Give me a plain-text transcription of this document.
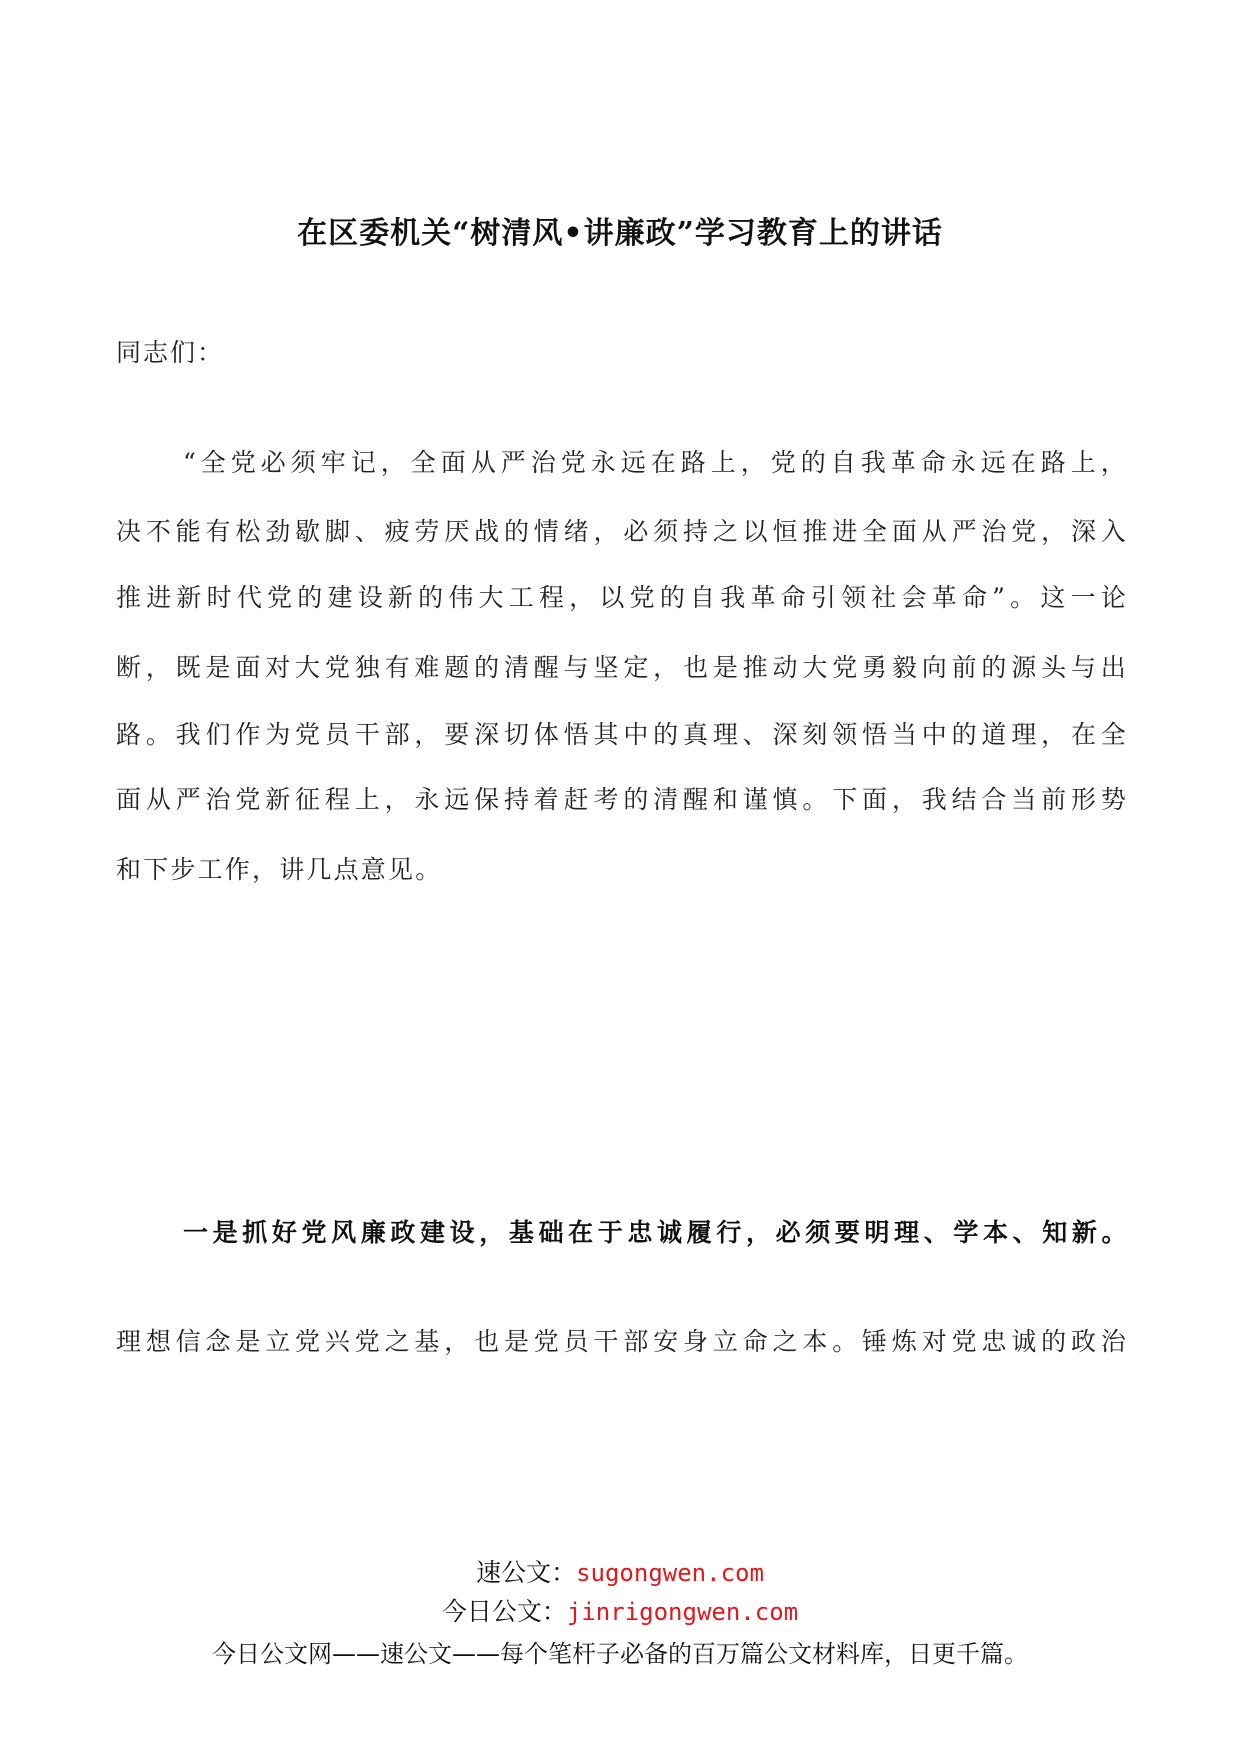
在区委机关“树清风•讲廉政”学习教育上的讲话
同志们：
“全党必须牢记，全面从严治党永远在路上，党的自我革命永远在路上，
决不能有松劲歇脚、疲劳厌战的情绪，必须持之以恒推进全面从严治党，深入
推进新时代党的建设新的伟大工程，以党的自我革命引领社会革命”。这一论
断，既是面对大党独有难题的清醒与坚定，也是推动大党勇毅向前的源头与出
路。我们作为党员干部，要深切体悟其中的真理、深刻领悟当中的道理，在全
面从严治党新征程上，永远保持着赶考的清醒和谨慎。下面，我结合当前形势
和下步工作，讲几点意见。
一是抓好党风廉政建设，基础在于忠诚履行，必须要明理、学本、知新。
理想信念是立党兴党之基，也是党员干部安身立命之本。锤炼对党忠诚的政治
速公文：sugongwen.com
今日公文：jinrigongwen.com
今日公文网——速公文——每个笔杆子必备的百万篇公文材料库，日更千篇。
